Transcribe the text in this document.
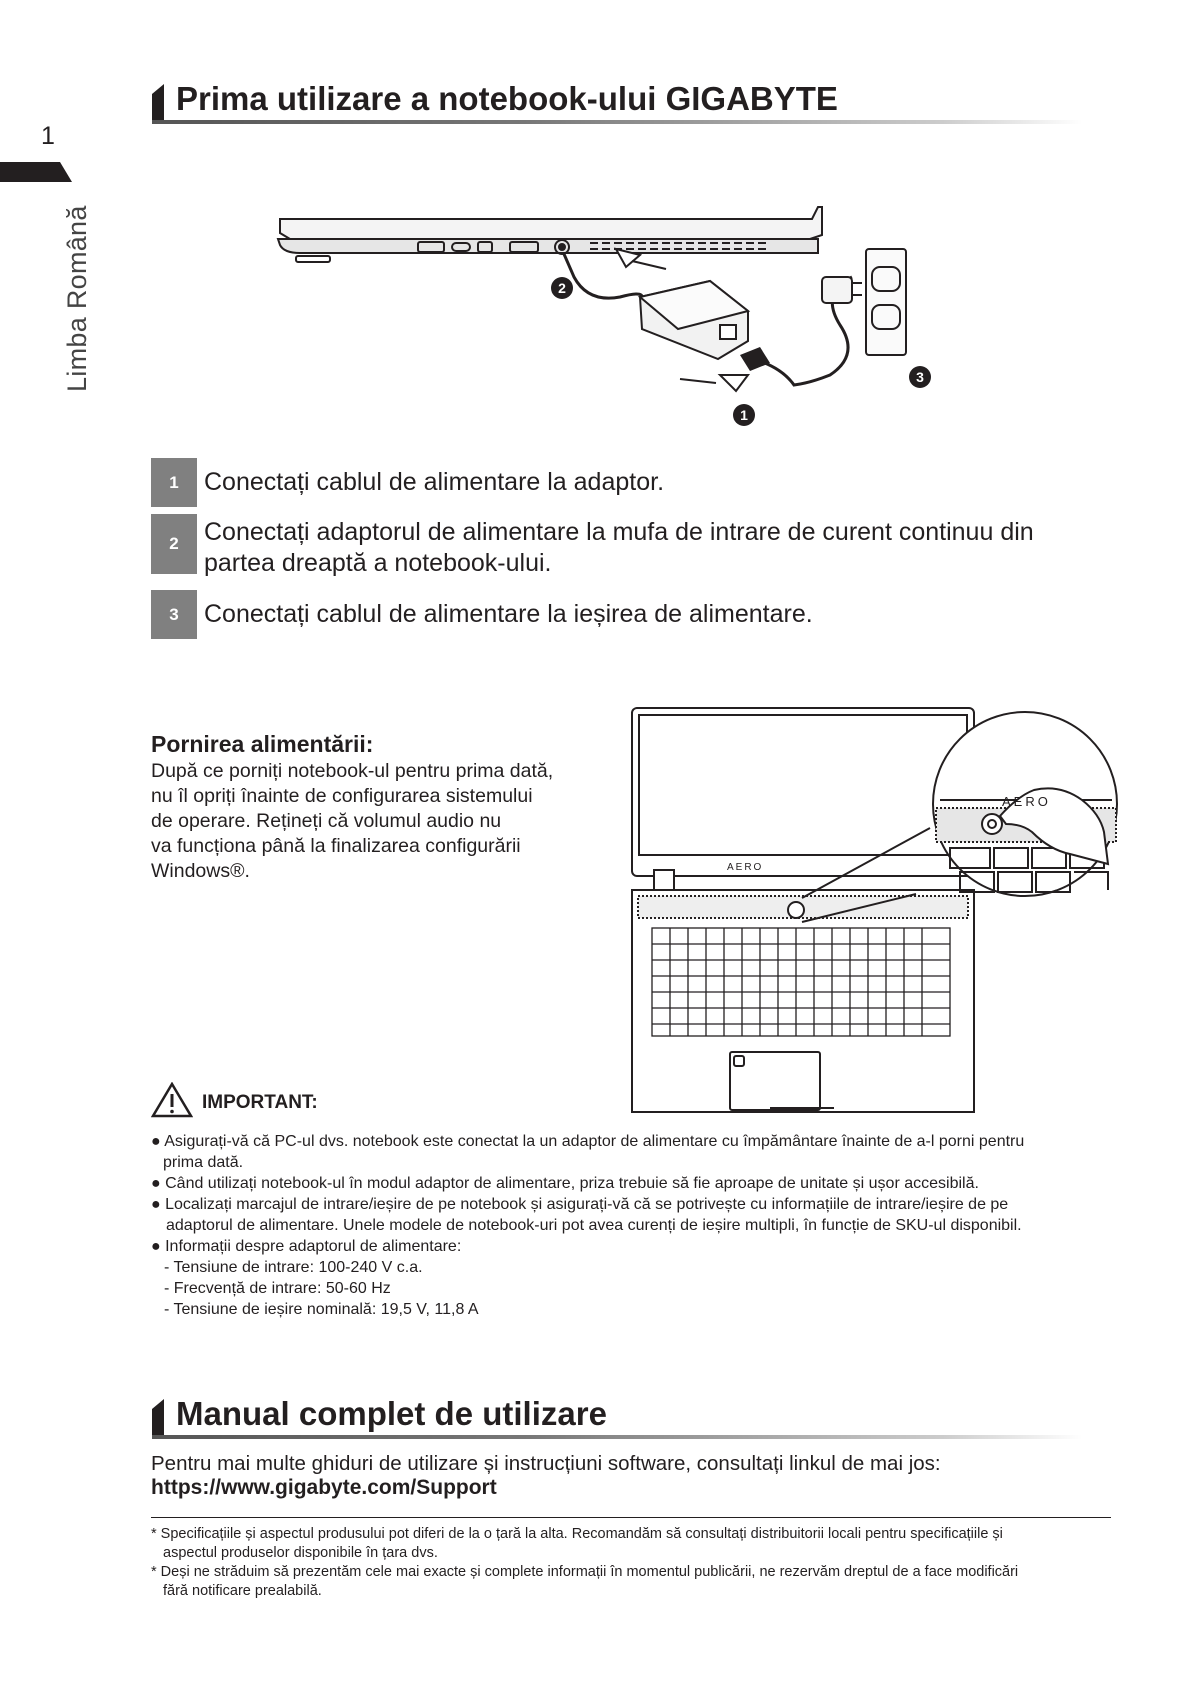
1
Limba Română
Prima utilizare a notebook-ului GIGABYTE
2
1
3
1	Conectați cablul de alimentare la adaptor.
2	Conectați adaptorul de alimentare la mufa de intrare de curent continuu din
partea dreaptă a notebook-ului.
3	Conectați cablul de alimentare la ieșirea de alimentare.
Pornirea alimentării:
După ce porniți notebook-ul pentru prima dată,
nu îl opriți înainte de configurarea sistemului
de operare. Rețineți că volumul audio nu
va funcționa până la finalizarea configurării
Windows®.	AERO
AERO
IMPORTANT:
● Asigurați-vă că PC-ul dvs. notebook este conectat la un adaptor de alimentare cu împământare înainte de a-l porni pentru
prima dată.
● Când utilizați notebook-ul în modul adaptor de alimentare, priza trebuie să fie aproape de unitate și ușor accesibilă.
● Localizați marcajul de intrare/ieșire de pe notebook și asigurați-vă că se potrivește cu informațiile de intrare/ieșire de pe
adaptorul de alimentare. Unele modele de notebook-uri pot avea curenți de ieșire multipli, în funcție de SKU-ul disponibil.
● Informații despre adaptorul de alimentare:
- Tensiune de intrare: 100-240 V c.a.
- Frecvență de intrare: 50-60 Hz
- Tensiune de ieșire nominală: 19,5 V, 11,8 A
Manual complet de utilizare
Pentru mai multe ghiduri de utilizare și instrucțiuni software, consultați linkul de mai jos:
https://www.gigabyte.com/Support
* Specificațiile și aspectul produsului pot diferi de la o țară la alta. Recomandăm să consultați distribuitorii locali pentru specificațiile și
aspectul produselor disponibile în țara dvs.
* Deși ne străduim să prezentăm cele mai exacte și complete informații în momentul publicării, ne rezervăm dreptul de a face modificări
fără notificare prealabilă.
